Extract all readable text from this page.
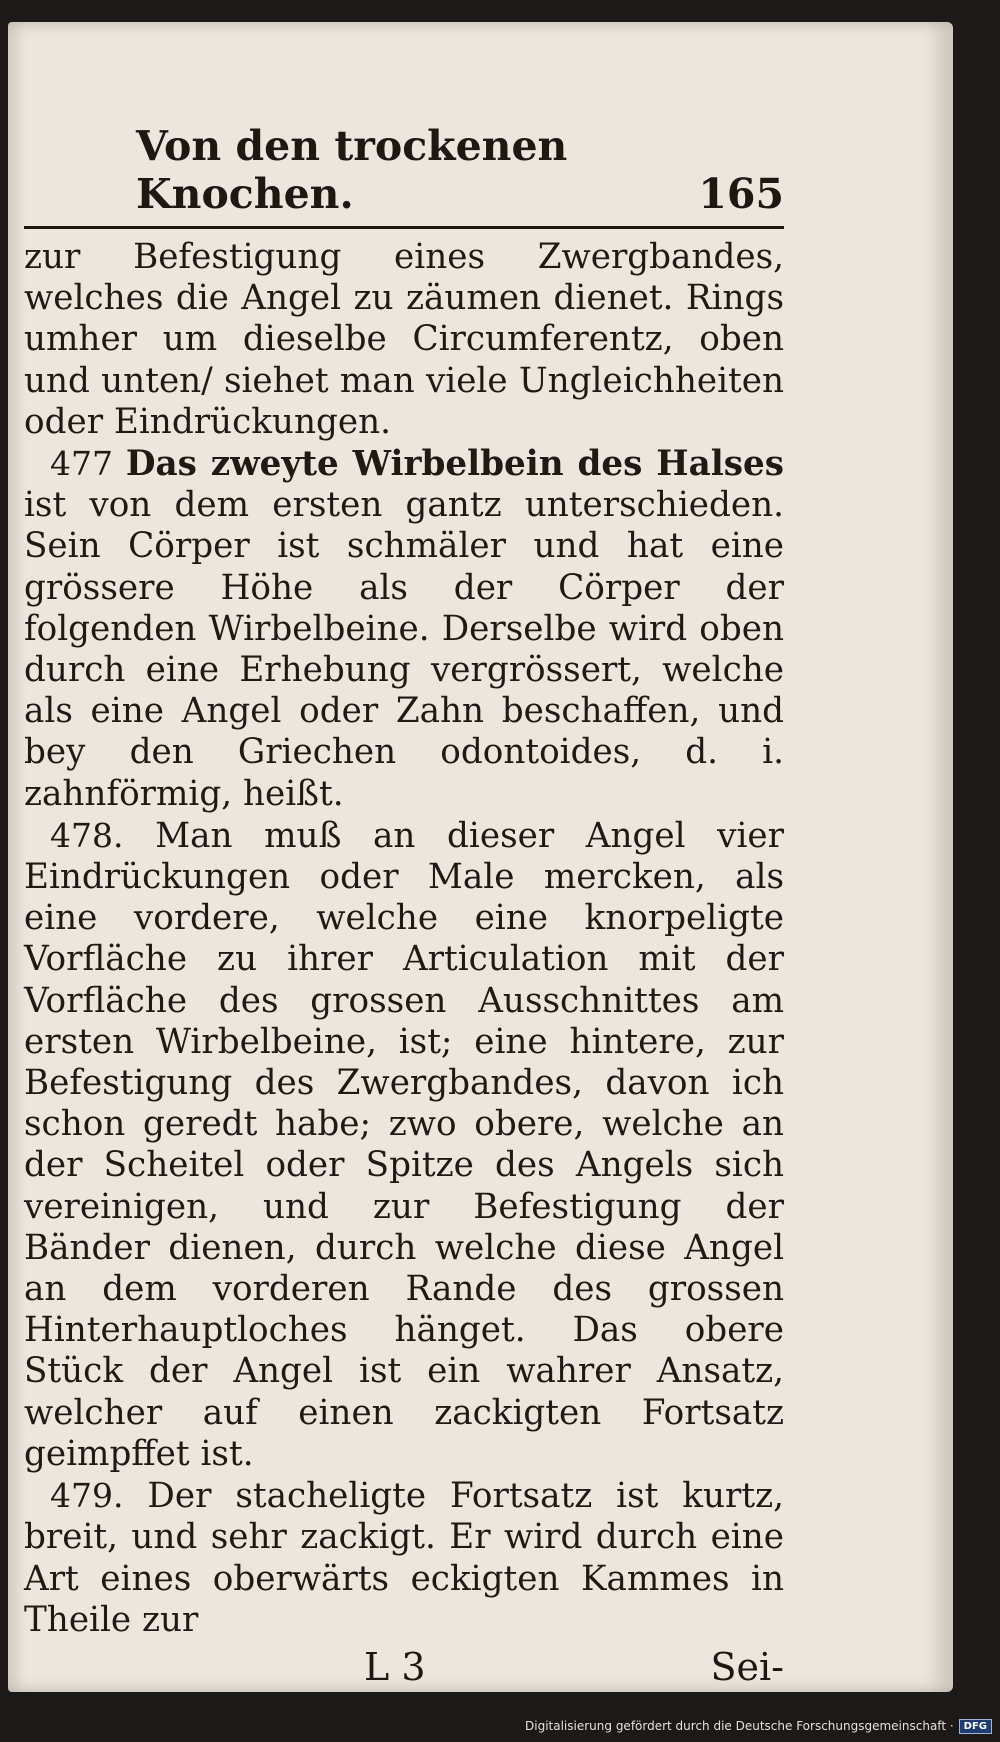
Von den trockenen Knochen.	165

zur Befestigung eines Zwergbandes, welches die Angel zu zäumen dienet. Rings umher um dieselbe Circumferentz, oben und unten/ siehet man viele Ungleichheiten oder Eindrückungen.

477 Das zweyte Wirbelbein des Halses ist von dem ersten gantz unterschieden. Sein Cörper ist schmäler und hat eine grössere Höhe als der Cörper der folgenden Wirbelbeine. Derselbe wird oben durch eine Erhebung vergrössert, welche als eine Angel oder Zahn beschaffen, und bey den Griechen odontoides, d. i. zahnförmig, heißt.

478. Man muß an dieser Angel vier Eindrückungen oder Male mercken, als eine vordere, welche eine knorpeligte Vorfläche zu ihrer Articulation mit der Vorfläche des grossen Ausschnittes am ersten Wirbelbeine, ist; eine hintere, zur Befestigung des Zwergbandes, davon ich schon geredt habe; zwo obere, welche an der Scheitel oder Spitze des Angels sich vereinigen, und zur Befestigung der Bänder dienen, durch welche diese Angel an dem vorderen Rande des grossen Hinterhauptloches hänget. Das obere Stück der Angel ist ein wahrer Ansatz, welcher auf einen zackigten Fortsatz geimpffet ist.

479. Der stacheligte Fortsatz ist kurtz, breit, und sehr zackigt. Er wird durch eine Art eines oberwärts eckigten Kammes in Theile zur

L 3	Sei-
Digitalisierung gefördert durch die Deutsche Forschungsgemeinschaft ·	DFG
